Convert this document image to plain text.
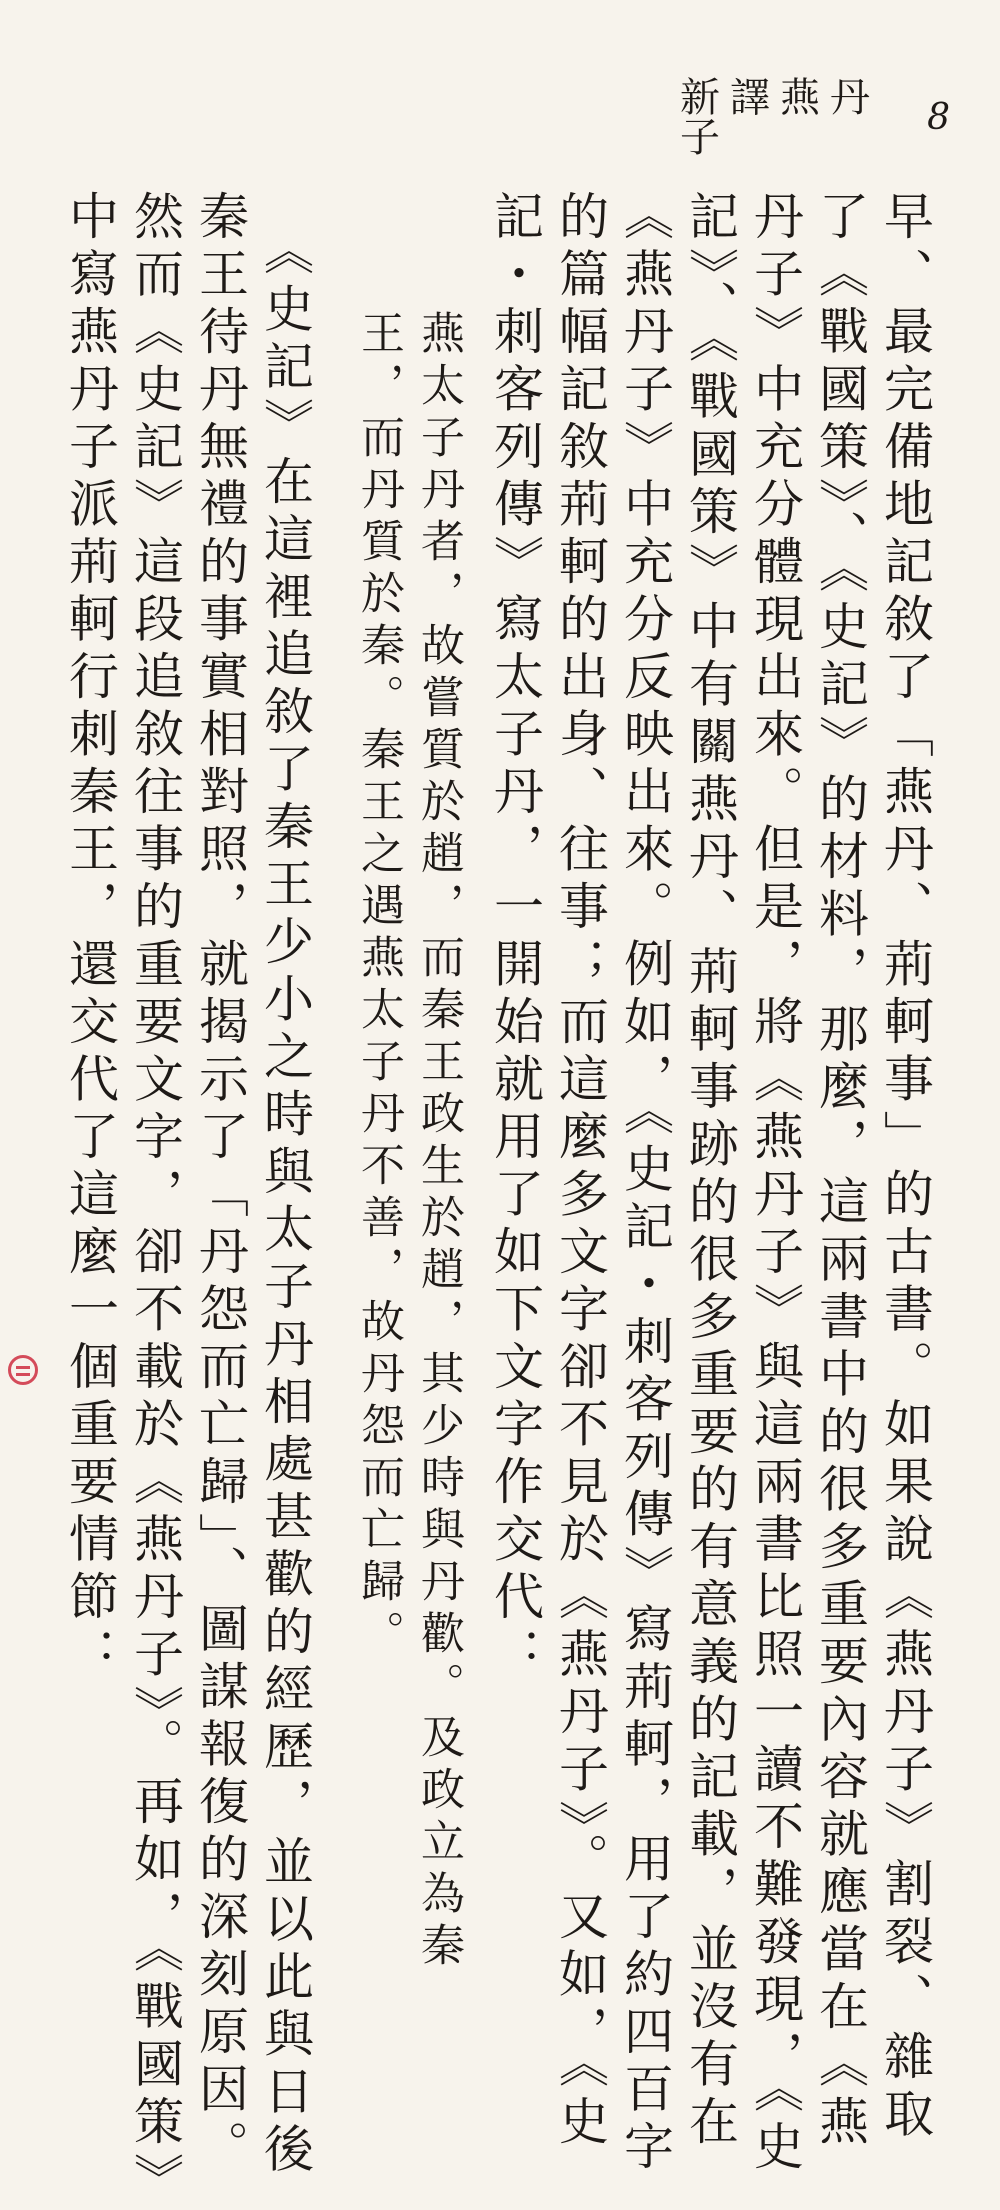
新譯燕丹子	8
早、最完備地記敘了「燕丹、荊軻事」的古書。如果說《燕丹子》割裂、雜取
了《戰國策》、《史記》的材料，那麼，這兩書中的很多重要內容就應當在《燕
丹子》中充分體現出來。但是，將《燕丹子》與這兩書比照一讀不難發現，《史
記》、《戰國策》中有關燕丹、荊軻事跡的很多重要的有意義的記載，並沒有在
《燕丹子》中充分反映出來。例如，《史記・刺客列傳》寫荊軻，用了約四百字
的篇幅記敘荊軻的出身、往事；而這麼多文字卻不見於《燕丹子》。又如，《史
記・刺客列傳》寫太子丹，一開始就用了如下文字作交代：
燕太子丹者，故嘗質於趙，而秦王政生於趙，其少時與丹歡。及政立為秦
王，而丹質於秦。秦王之遇燕太子丹不善，故丹怨而亡歸。
《史記》在這裡追敘了秦王少小之時與太子丹相處甚歡的經歷，並以此與日後
秦王待丹無禮的事實相對照，就揭示了「丹怨而亡歸」、圖謀報復的深刻原因。
然而《史記》這段追敘往事的重要文字，卻不載於《燕丹子》。再如，《戰國策》
中寫燕丹子派荊軻行刺秦王，還交代了這麼一個重要情節：
